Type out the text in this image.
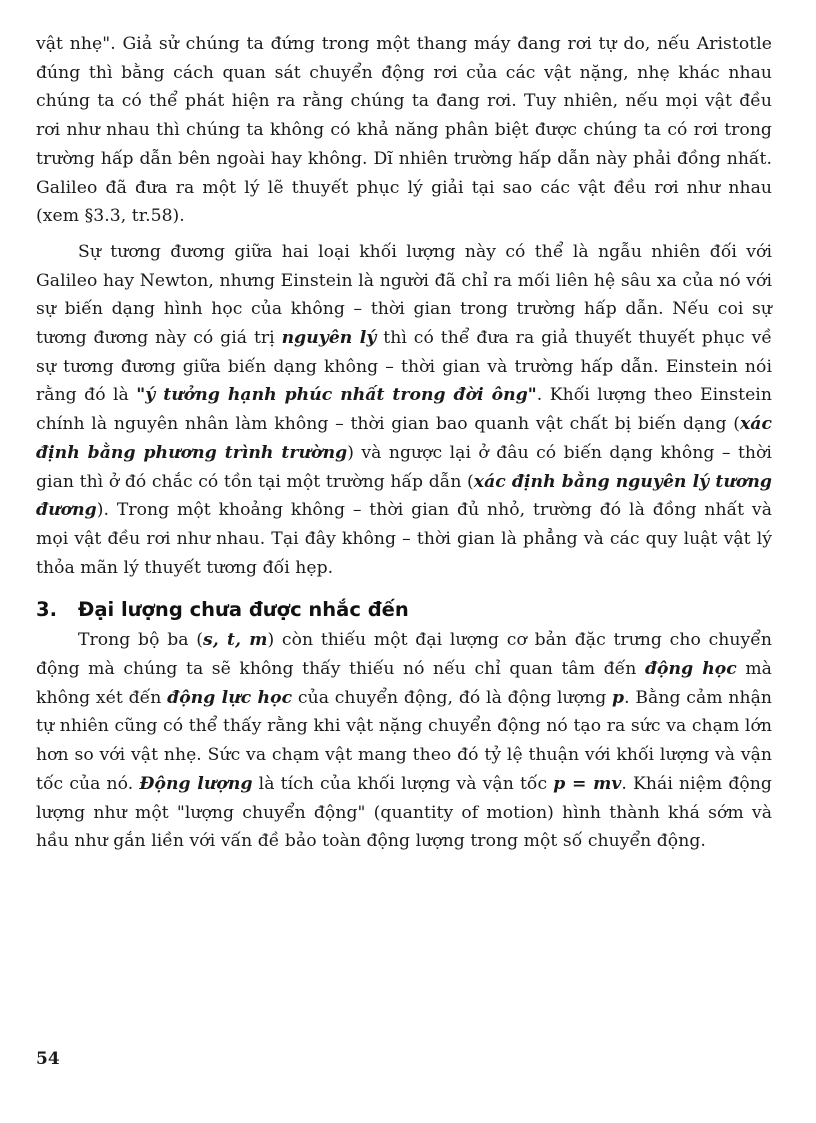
vật nhẹ". Giả sử chúng ta đứng trong một thang máy đang rơi tự do, nếu Aristotle đúng thì bằng cách quan sát chuyển động rơi của các vật nặng, nhẹ khác nhau chúng ta có thể phát hiện ra rằng chúng ta đang rơi. Tuy nhiên, nếu mọi vật đều rơi như nhau thì chúng ta không có khả năng phân biệt được chúng ta có rơi trong trường hấp dẫn bên ngoài hay không. Dĩ nhiên trường hấp dẫn này phải đồng nhất. Galileo đã đưa ra một lý lẽ thuyết phục lý giải tại sao các vật đều rơi như nhau (xem §3.3, tr.58).

Sự tương đương giữa hai loại khối lượng này có thể là ngẫu nhiên đối với Galileo hay Newton, nhưng Einstein là người đã chỉ ra mối liên hệ sâu xa của nó với sự biến dạng hình học của không – thời gian trong trường hấp dẫn. Nếu coi sự tương đương này có giá trị nguyên lý thì có thể đưa ra giả thuyết thuyết phục về sự tương đương giữa biến dạng không – thời gian và trường hấp dẫn. Einstein nói rằng đó là "ý tưởng hạnh phúc nhất trong đời ông". Khối lượng theo Einstein chính là nguyên nhân làm không – thời gian bao quanh vật chất bị biến dạng (xác định bằng phương trình trường) và ngược lại ở đâu có biến dạng không – thời gian thì ở đó chắc có tồn tại một trường hấp dẫn (xác định bằng nguyên lý tương đương). Trong một khoảng không – thời gian đủ nhỏ, trường đó là đồng nhất và mọi vật đều rơi như nhau. Tại đây không – thời gian là phẳng và các quy luật vật lý thỏa mãn lý thuyết tương đối hẹp.

3. Đại lượng chưa được nhắc đến

Trong bộ ba (s, t, m) còn thiếu một đại lượng cơ bản đặc trưng cho chuyển động mà chúng ta sẽ không thấy thiếu nó nếu chỉ quan tâm đến động học mà không xét đến động lực học của chuyển động, đó là động lượng p. Bằng cảm nhận tự nhiên cũng có thể thấy rằng khi vật nặng chuyển động nó tạo ra sức va chạm lớn hơn so với vật nhẹ. Sức va chạm vật mang theo đó tỷ lệ thuận với khối lượng và vận tốc của nó. Động lượng là tích của khối lượng và vận tốc p = mv. Khái niệm động lượng như một "lượng chuyển động" (quantity of motion) hình thành khá sớm và hầu như gắn liền với vấn đề bảo toàn động lượng trong một số chuyển động.

54
